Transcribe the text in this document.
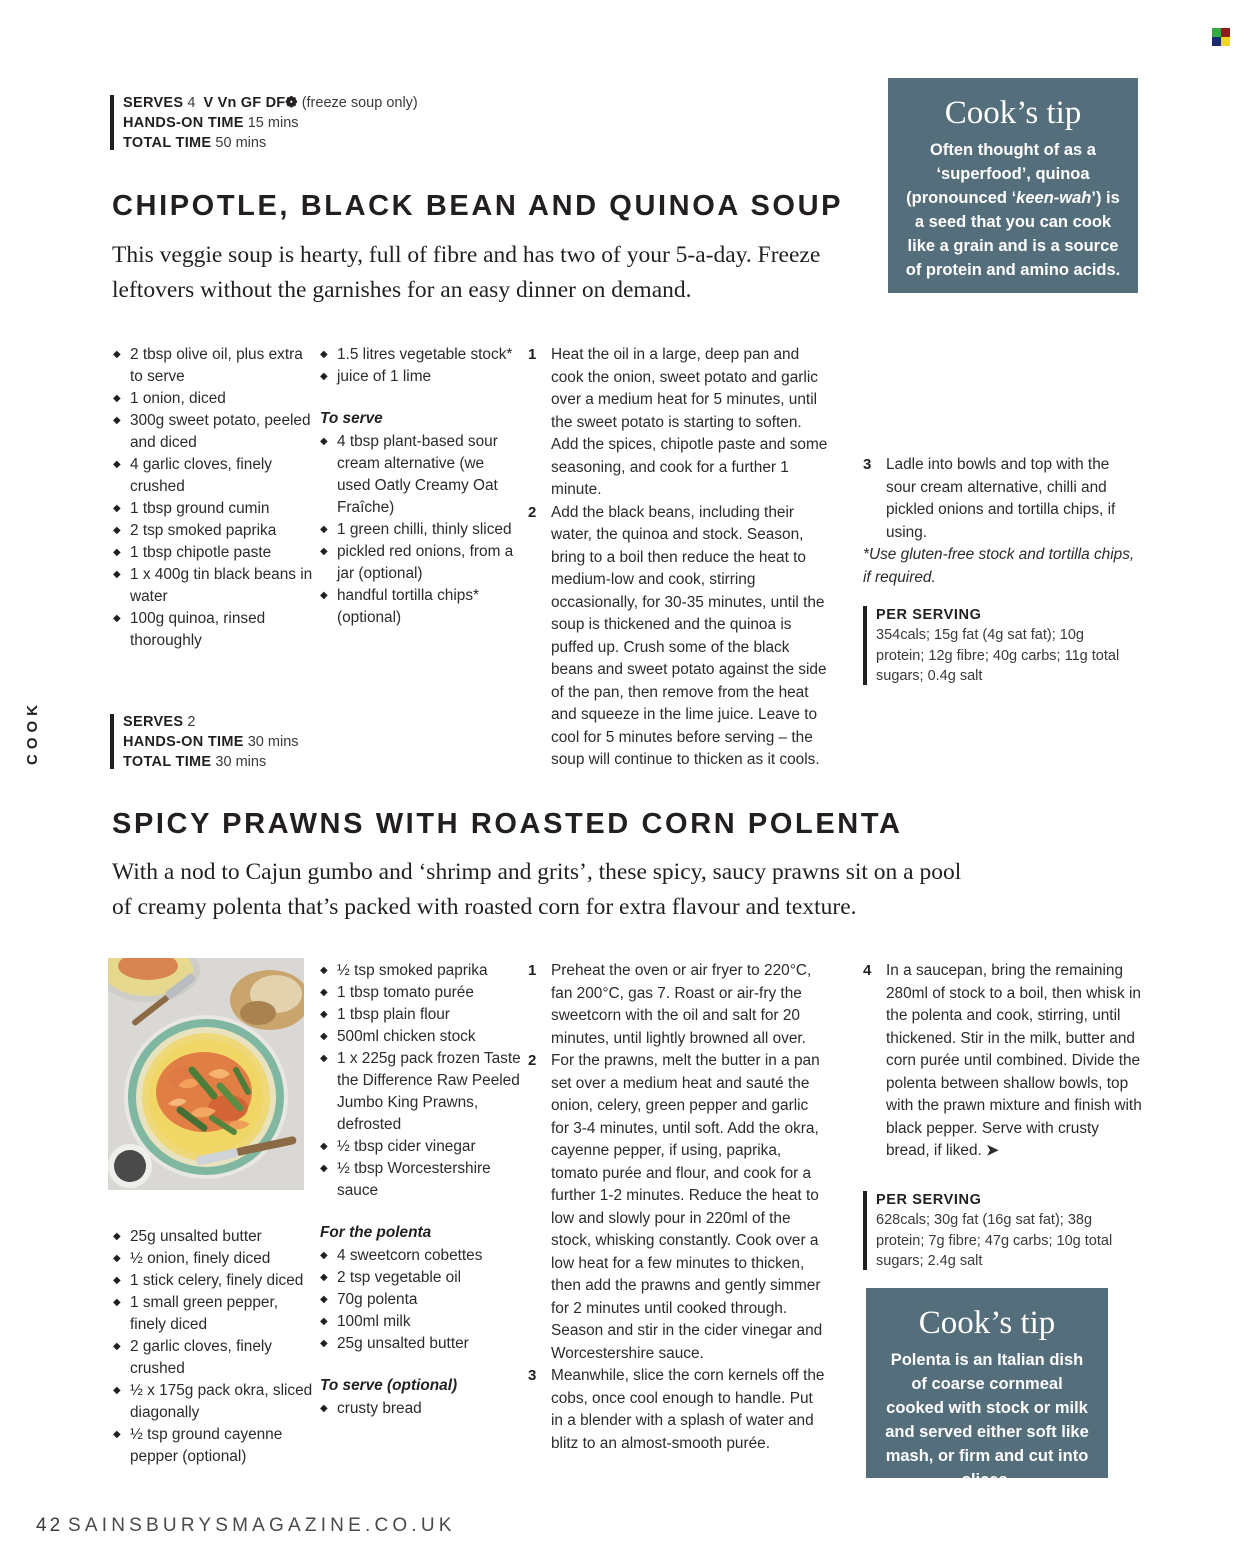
COOK
SERVES 4 V Vn GF DF❁ (freeze soup only)
HANDS-ON TIME 15 mins
TOTAL TIME 50 mins
CHIPOTLE, BLACK BEAN AND QUINOA SOUP
This veggie soup is hearty, full of fibre and has two of your 5-a-day. Freeze leftovers without the garnishes for an easy dinner on demand.
Cook’s tip
Often thought of as a ‘superfood’, quinoa (pronounced ‘keen-wah’) is a seed that you can cook like a grain and is a source of protein and amino acids.
◆ 2 tbsp olive oil, plus extra to serve
◆ 1 onion, diced
◆ 300g sweet potato, peeled and diced
◆ 4 garlic cloves, finely crushed
◆ 1 tbsp ground cumin
◆ 2 tsp smoked paprika
◆ 1 tbsp chipotle paste
◆ 1 x 400g tin black beans in water
◆ 100g quinoa, rinsed thoroughly
◆ 1.5 litres vegetable stock*
◆ juice of 1 lime
To serve
◆ 4 tbsp plant-based sour cream alternative (we used Oatly Creamy Oat Fraîche)
◆ 1 green chilli, thinly sliced
◆ pickled red onions, from a jar (optional)
◆ handful tortilla chips* (optional)
1 Heat the oil in a large, deep pan and cook the onion, sweet potato and garlic over a medium heat for 5 minutes, until the sweet potato is starting to soften. Add the spices, chipotle paste and some seasoning, and cook for a further 1 minute.
2 Add the black beans, including their water, the quinoa and stock. Season, bring to a boil then reduce the heat to medium-low and cook, stirring occasionally, for 30-35 minutes, until the soup is thickened and the quinoa is puffed up. Crush some of the black beans and sweet potato against the side of the pan, then remove from the heat and squeeze in the lime juice. Leave to cool for 5 minutes before serving – the soup will continue to thicken as it cools.
3 Ladle into bowls and top with the sour cream alternative, chilli and pickled onions and tortilla chips, if using.
*Use gluten-free stock and tortilla chips, if required.
PER SERVING
354cals; 15g fat (4g sat fat); 10g protein; 12g fibre; 40g carbs; 11g total sugars; 0.4g salt
SERVES 2
HANDS-ON TIME 30 mins
TOTAL TIME 30 mins
SPICY PRAWNS WITH ROASTED CORN POLENTA
With a nod to Cajun gumbo and ‘shrimp and grits’, these spicy, saucy prawns sit on a pool of creamy polenta that’s packed with roasted corn for extra flavour and texture.
◆ 25g unsalted butter
◆ ½ onion, finely diced
◆ 1 stick celery, finely diced
◆ 1 small green pepper, finely diced
◆ 2 garlic cloves, finely crushed
◆ ½ x 175g pack okra, sliced diagonally
◆ ½ tsp ground cayenne pepper (optional)
◆ ½ tsp smoked paprika
◆ 1 tbsp tomato purée
◆ 1 tbsp plain flour
◆ 500ml chicken stock
◆ 1 x 225g pack frozen Taste the Difference Raw Peeled Jumbo King Prawns, defrosted
◆ ½ tbsp cider vinegar
◆ ½ tbsp Worcestershire sauce
For the polenta
◆ 4 sweetcorn cobettes
◆ 2 tsp vegetable oil
◆ 70g polenta
◆ 100ml milk
◆ 25g unsalted butter
To serve (optional)
◆ crusty bread
1 Preheat the oven or air fryer to 220°C, fan 200°C, gas 7. Roast or air-fry the sweetcorn with the oil and salt for 20 minutes, until lightly browned all over.
2 For the prawns, melt the butter in a pan set over a medium heat and sauté the onion, celery, green pepper and garlic for 3-4 minutes, until soft. Add the okra, cayenne pepper, if using, paprika, tomato purée and flour, and cook for a further 1-2 minutes. Reduce the heat to low and slowly pour in 220ml of the stock, whisking constantly. Cook over a low heat for a few minutes to thicken, then add the prawns and gently simmer for 2 minutes until cooked through. Season and stir in the cider vinegar and Worcestershire sauce.
3 Meanwhile, slice the corn kernels off the cobs, once cool enough to handle. Put in a blender with a splash of water and blitz to an almost-smooth purée.
4 In a saucepan, bring the remaining 280ml of stock to a boil, then whisk in the polenta and cook, stirring, until thickened. Stir in the milk, butter and corn purée until combined. Divide the polenta between shallow bowls, top with the prawn mixture and finish with black pepper. Serve with crusty bread, if liked. ➤
PER SERVING
628cals; 30g fat (16g sat fat); 38g protein; 7g fibre; 47g carbs; 10g total sugars; 2.4g salt
Cook’s tip
Polenta is an Italian dish of coarse cornmeal cooked with stock or milk and served either soft like mash, or firm and cut into slices.
42 SAINSBURYSMAGAZINE.CO.UK
